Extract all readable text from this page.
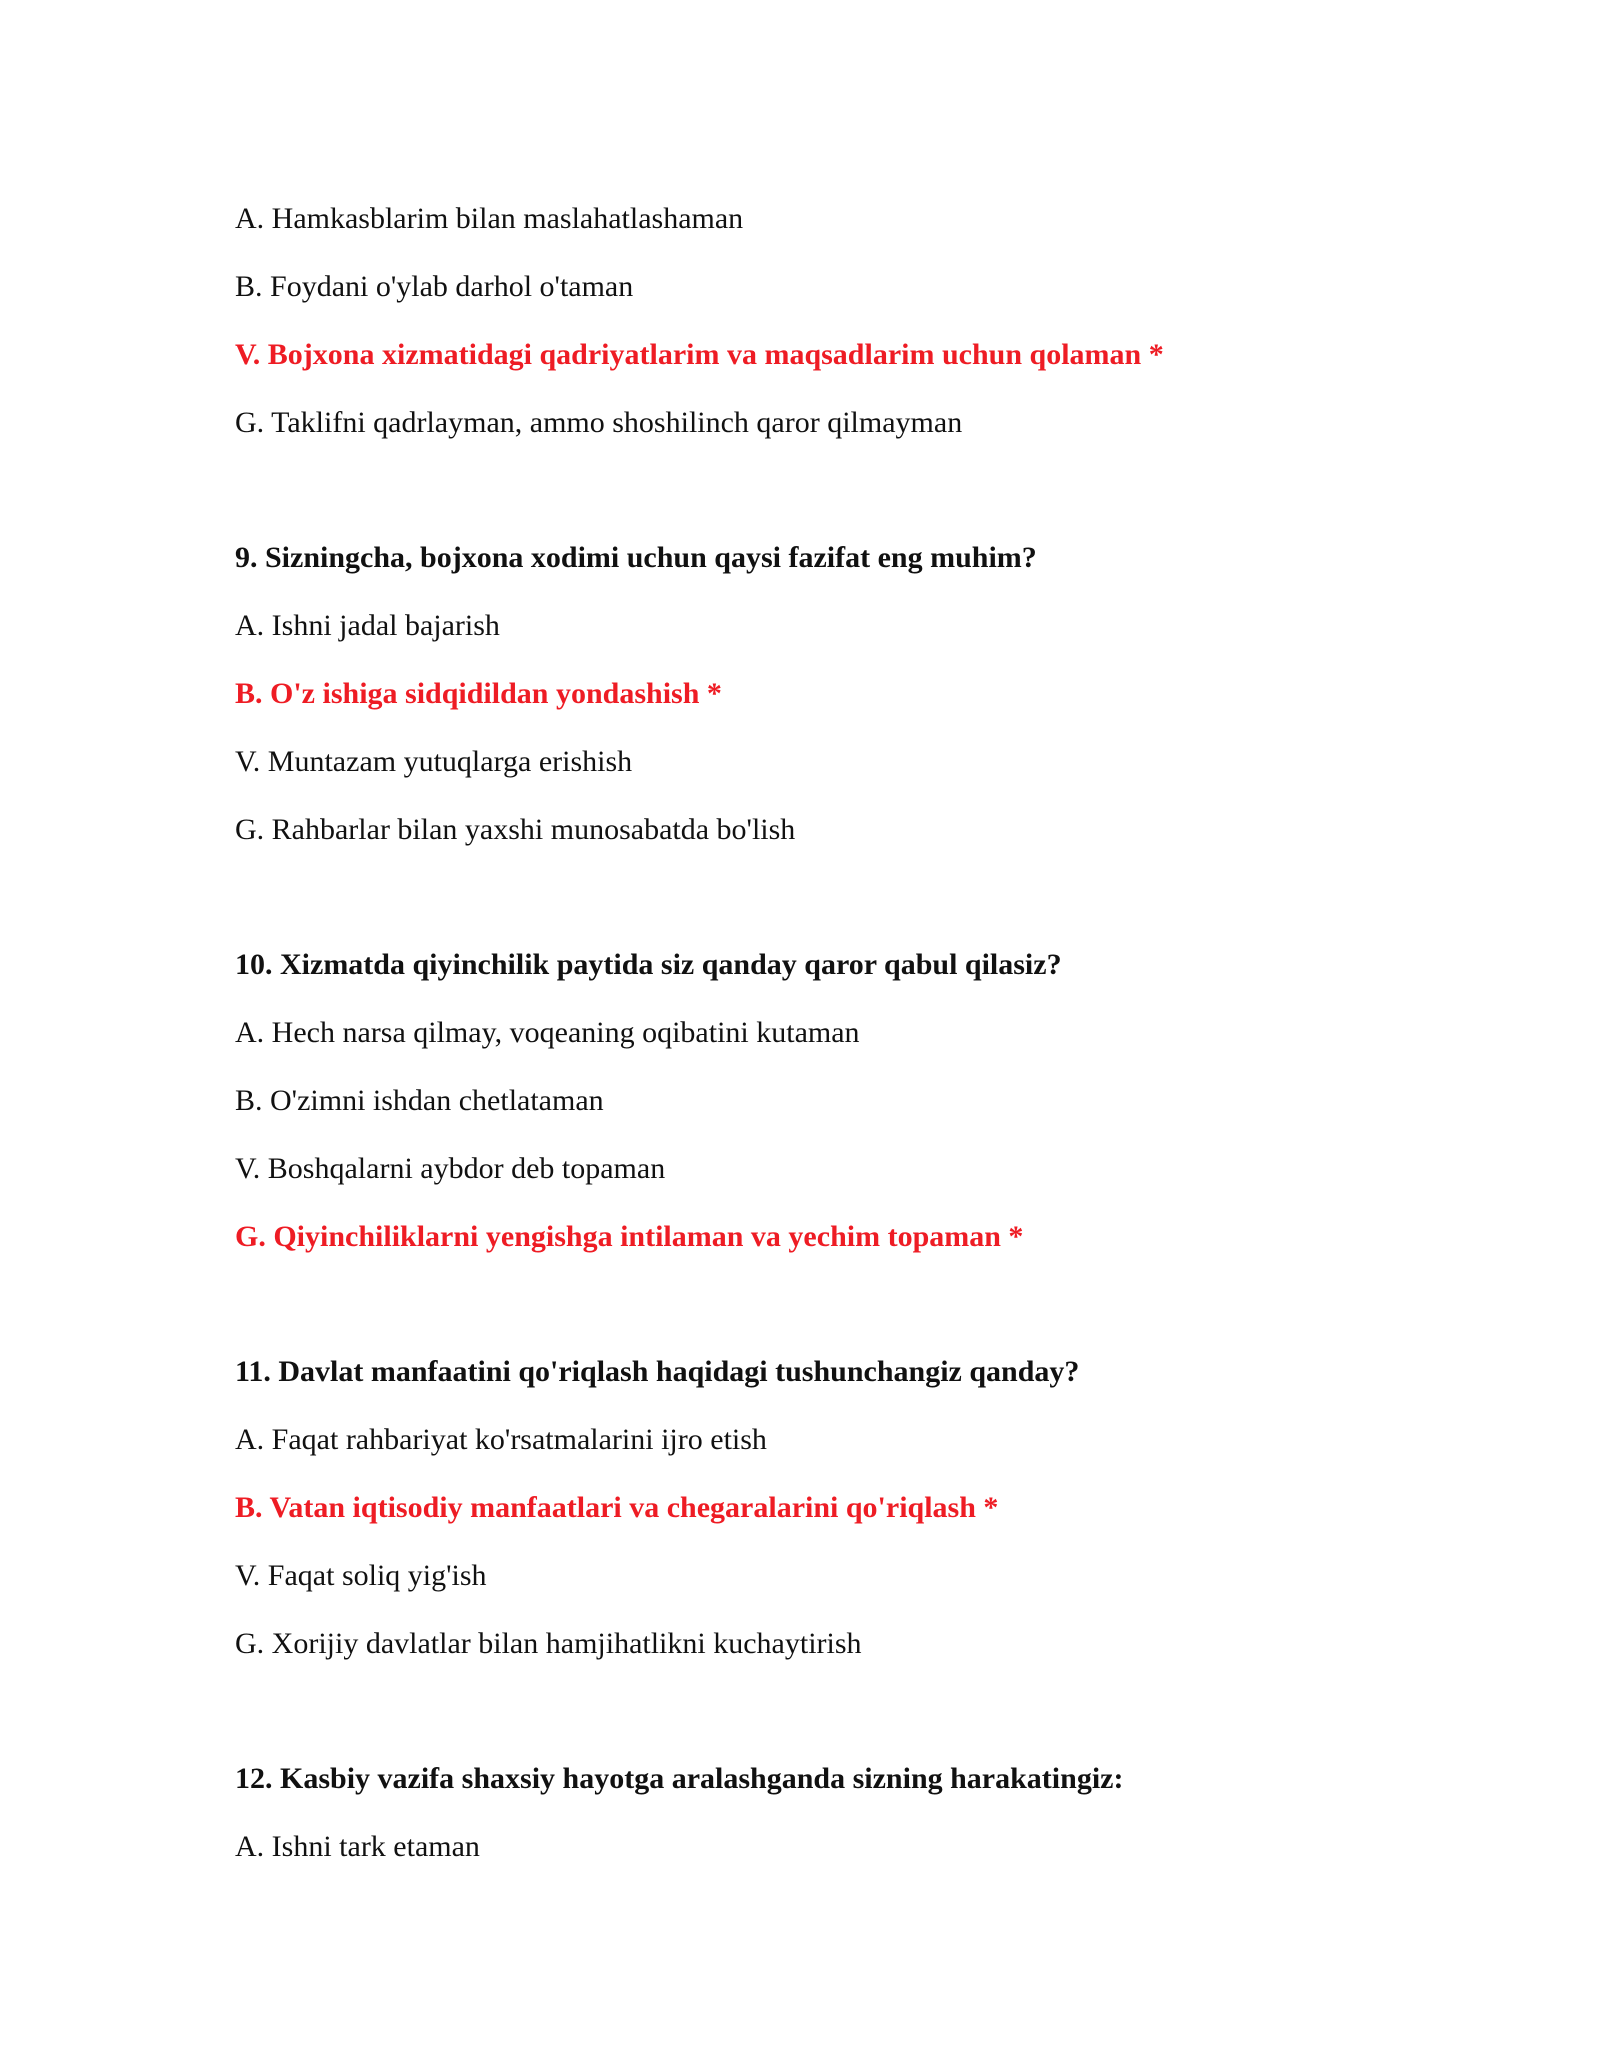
A. Hamkasblarim bilan maslahatlashaman
B. Foydani o'ylab darhol o'taman
V. Bojxona xizmatidagi qadriyatlarim va maqsadlarim uchun qolaman *
G. Taklifni qadrlayman, ammo shoshilinch qaror qilmayman
9. Sizningcha, bojxona xodimi uchun qaysi fazifat eng muhim?
A. Ishni jadal bajarish
B. O'z ishiga sidqidildan yondashish *
V. Muntazam yutuqlarga erishish
G. Rahbarlar bilan yaxshi munosabatda bo'lish
10. Xizmatda qiyinchilik paytida siz qanday qaror qabul qilasiz?
A. Hech narsa qilmay, voqeaning oqibatini kutaman
B. O'zimni ishdan chetlataman
V. Boshqalarni aybdor deb topaman
G. Qiyinchiliklarni yengishga intilaman va yechim topaman *
11. Davlat manfaatini qo'riqlash haqidagi tushunchangiz qanday?
A. Faqat rahbariyat ko'rsatmalarini ijro etish
B. Vatan iqtisodiy manfaatlari va chegaralarini qo'riqlash *
V. Faqat soliq yig'ish
G. Xorijiy davlatlar bilan hamjihatlikni kuchaytirish
12. Kasbiy vazifa shaxsiy hayotga aralashganda sizning harakatingiz:
A. Ishni tark etaman
